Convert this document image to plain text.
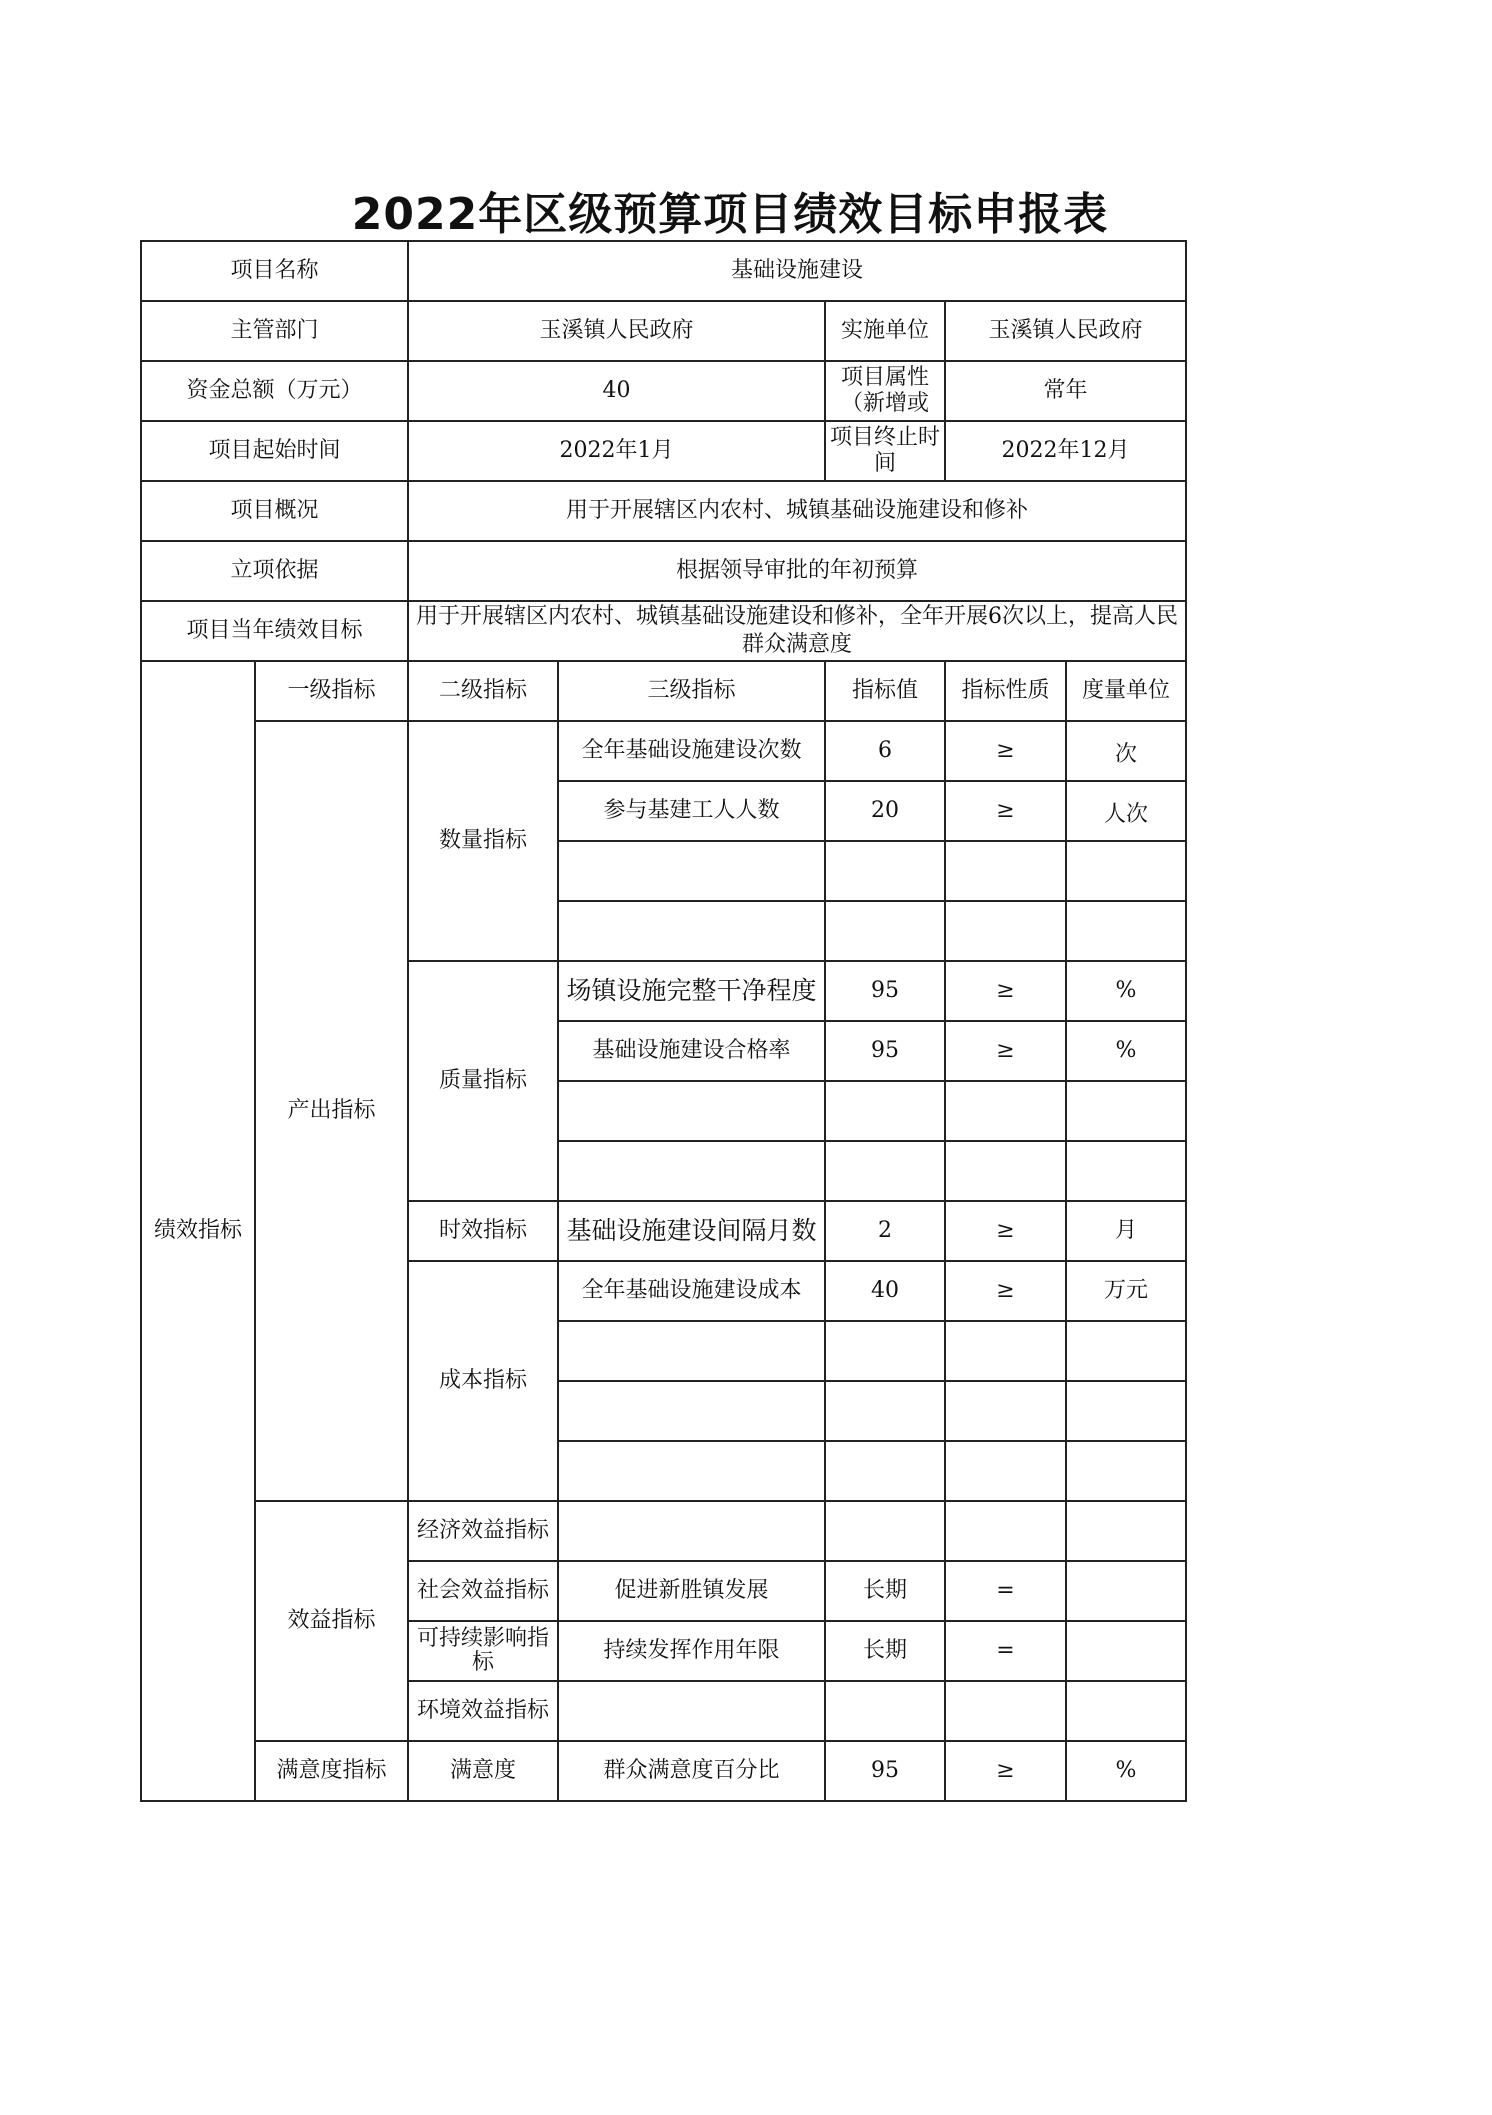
2022年区级预算项目绩效目标申报表
项目名称		基础设施建设				
主管部门		玉溪镇人民政府		实施单位	玉溪镇人民政府	
资金总额（万元）		40		项目属性（新增或	常年	
项目起始时间		2022年1月		项目终止时间	2022年12月	
项目概况		用于开展辖区内农村、城镇基础设施建设和修补				
立项依据		根据领导审批的年初预算				
项目当年绩效目标		用于开展辖区内农村、城镇基础设施建设和修补，全年开展6次以上，提高人民群众满意度				
绩效指标	一级指标	二级指标	三级指标	指标值	指标性质	度量单位
	产出指标	数量指标	全年基础设施建设次数	6	≥	次
			参与基建工人人数	20	≥	人次

		质量指标	场镇设施完整干净程度	95	≥	%
			基础设施建设合格率	95	≥	%

		时效指标	基础设施建设间隔月数	2	≥	月
		成本指标	全年基础设施建设成本	40	≥	万元

	效益指标	经济效益指标				
		社会效益指标	促进新胜镇发展	长期	=	
		可持续影响指标	持续发挥作用年限	长期	=	
		环境效益指标				
	满意度指标	满意度	群众满意度百分比	95	≥	%
